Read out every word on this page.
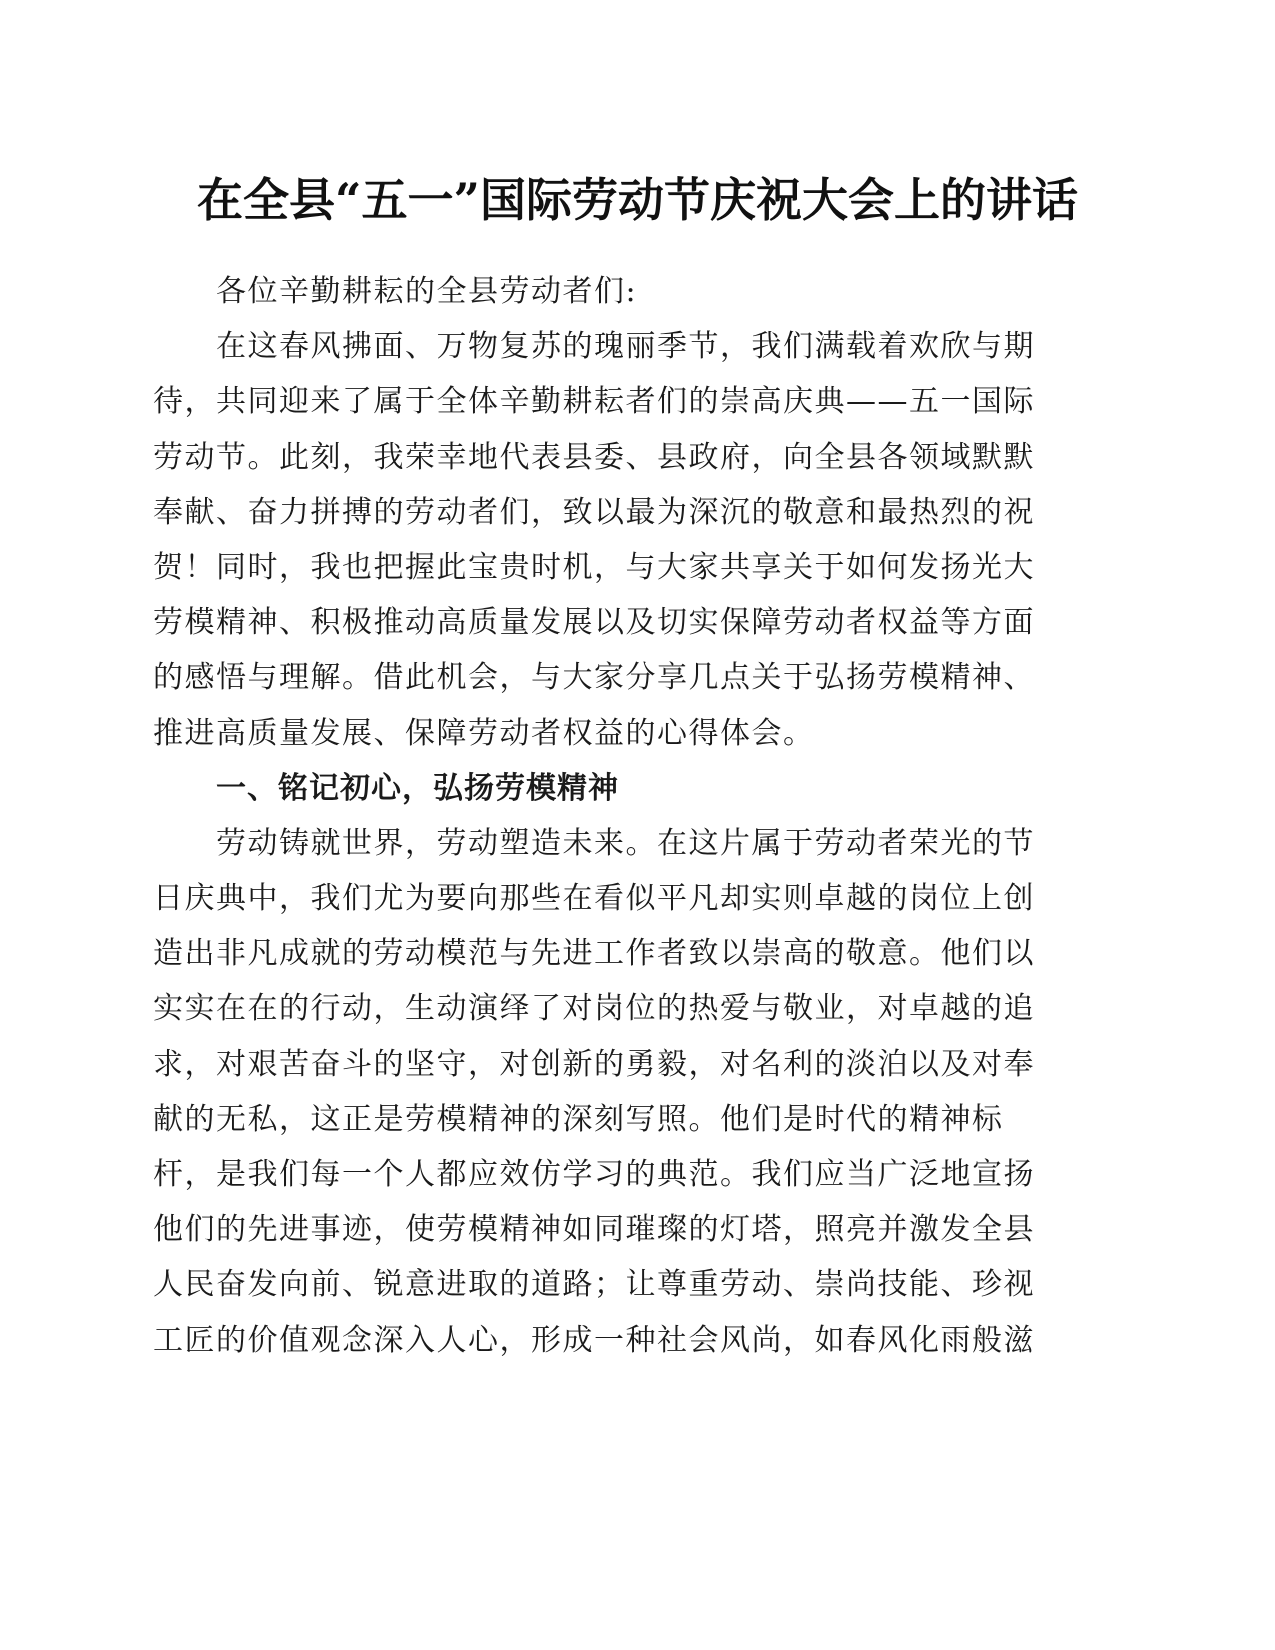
在全县“五一”国际劳动节庆祝大会上的讲话
各位辛勤耕耘的全县劳动者们:
在这春风拂面、万物复苏的瑰丽季节，我们满载着欢欣与期
待，共同迎来了属于全体辛勤耕耘者们的崇高庆典——五一国际
劳动节。此刻，我荣幸地代表县委、县政府，向全县各领域默默
奉献、奋力拼搏的劳动者们，致以最为深沉的敬意和最热烈的祝
贺！同时，我也把握此宝贵时机，与大家共享关于如何发扬光大
劳模精神、积极推动高质量发展以及切实保障劳动者权益等方面
的感悟与理解。借此机会，与大家分享几点关于弘扬劳模精神、
推进高质量发展、保障劳动者权益的心得体会。
一、铭记初心，弘扬劳模精神
劳动铸就世界，劳动塑造未来。在这片属于劳动者荣光的节
日庆典中，我们尤为要向那些在看似平凡却实则卓越的岗位上创
造出非凡成就的劳动模范与先进工作者致以崇高的敬意。他们以
实实在在的行动，生动演绎了对岗位的热爱与敬业，对卓越的追
求，对艰苦奋斗的坚守，对创新的勇毅，对名利的淡泊以及对奉
献的无私，这正是劳模精神的深刻写照。他们是时代的精神标
杆，是我们每一个人都应效仿学习的典范。我们应当广泛地宣扬
他们的先进事迹，使劳模精神如同璀璨的灯塔，照亮并激发全县
人民奋发向前、锐意进取的道路；让尊重劳动、崇尚技能、珍视
工匠的价值观念深入人心，形成一种社会风尚，如春风化雨般滋
